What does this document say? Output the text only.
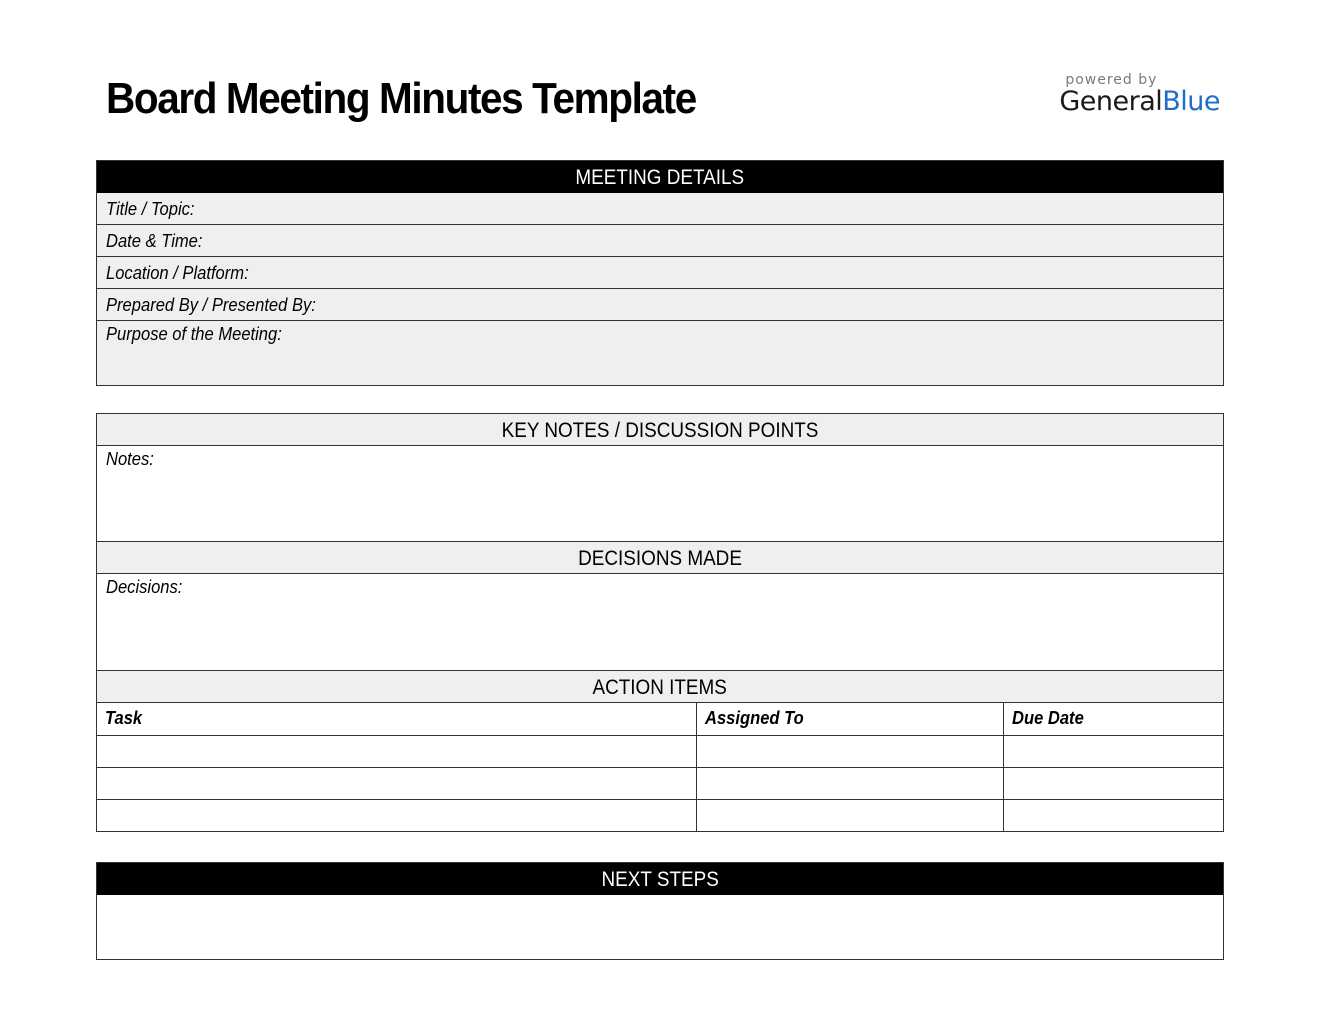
Board Meeting Minutes Template	powered by
GeneralBlue
MEETING DETAILS
Title / Topic:
Date & Time:
Location / Platform:
Prepared By / Presented By:
Purpose of the Meeting:
KEY NOTES / DISCUSSION POINTS
Notes:
DECISIONS MADE
Decisions:
ACTION ITEMS
Task	Assigned To	Due Date

NEXT STEPS
